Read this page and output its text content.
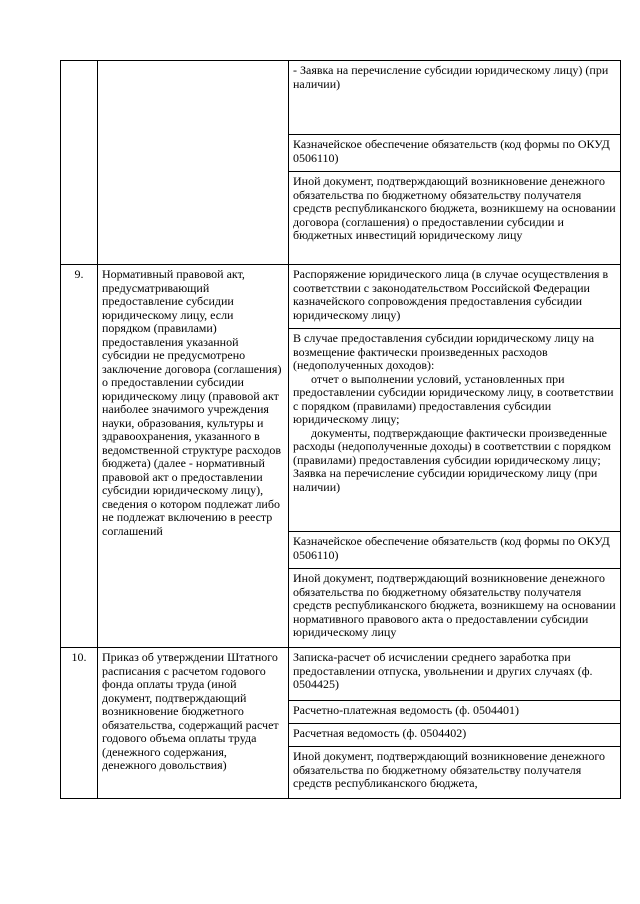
		- Заявка на перечисление субсидии юридическому лицу) (при наличии)
		Казначейское обеспечение обязательств (код формы по ОКУД 0506110)
		Иной документ, подтверждающий возникновение денежного обязательства по бюджетному обязательству получателя средств республиканского бюджета, возникшему на основании договора (соглашения) о предоставлении субсидии и бюджетных инвестиций юридическому лицу
9.	Нормативный правовой акт, предусматривающий предоставление субсидии юридическому лицу, если порядком (правилами) предоставления указанной субсидии не предусмотрено заключение договора (соглашения) о предоставлении субсидии юридическому лицу (правовой акт наиболее значимого учреждения науки, образования, культуры и здравоохранения, указанного в ведомственной структуре расходов бюджета) (далее - нормативный правовой акт о предоставлении субсидии юридическому лицу), сведения о котором подлежат либо не подлежат включению в реестр соглашений	Распоряжение юридического лица (в случае осуществления в соответствии с законодательством Российской Федерации казначейского сопровождения предоставления субсидии юридическому лицу)

		В случае предоставления субсидии юридическому лицу на возмещение фактически произведенных расходов (недополученных доходов):
отчет о выполнении условий, установленных при предоставлении субсидии юридическому лицу, в соответствии с порядком (правилами) предоставления субсидии юридическому лицу;
документы, подтверждающие фактически произведенные расходы (недополученные доходы) в соответствии с порядком (правилами) предоставления субсидии юридическому лицу;
Заявка на перечисление субсидии юридическому лицу (при наличии)

		Казначейское обеспечение обязательств (код формы по ОКУД 0506110)
		Иной документ, подтверждающий возникновение денежного обязательства по бюджетному обязательству получателя средств республиканского бюджета, возникшему на основании нормативного правового акта о предоставлении субсидии юридическому лицу
10.	Приказ об утверждении Штатного расписания с расчетом годового фонда оплаты труда (иной документ, подтверждающий возникновение бюджетного обязательства, содержащий расчет годового объема оплаты труда (денежного содержания, денежного довольствия)	Записка-расчет об исчислении среднего заработка при предоставлении отпуска, увольнении и других случаях (ф. 0504425)
		Расчетно-платежная ведомость (ф. 0504401)
		Расчетная ведомость (ф. 0504402)
		Иной документ, подтверждающий возникновение денежного обязательства по бюджетному обязательству получателя средств республиканского бюджета,
